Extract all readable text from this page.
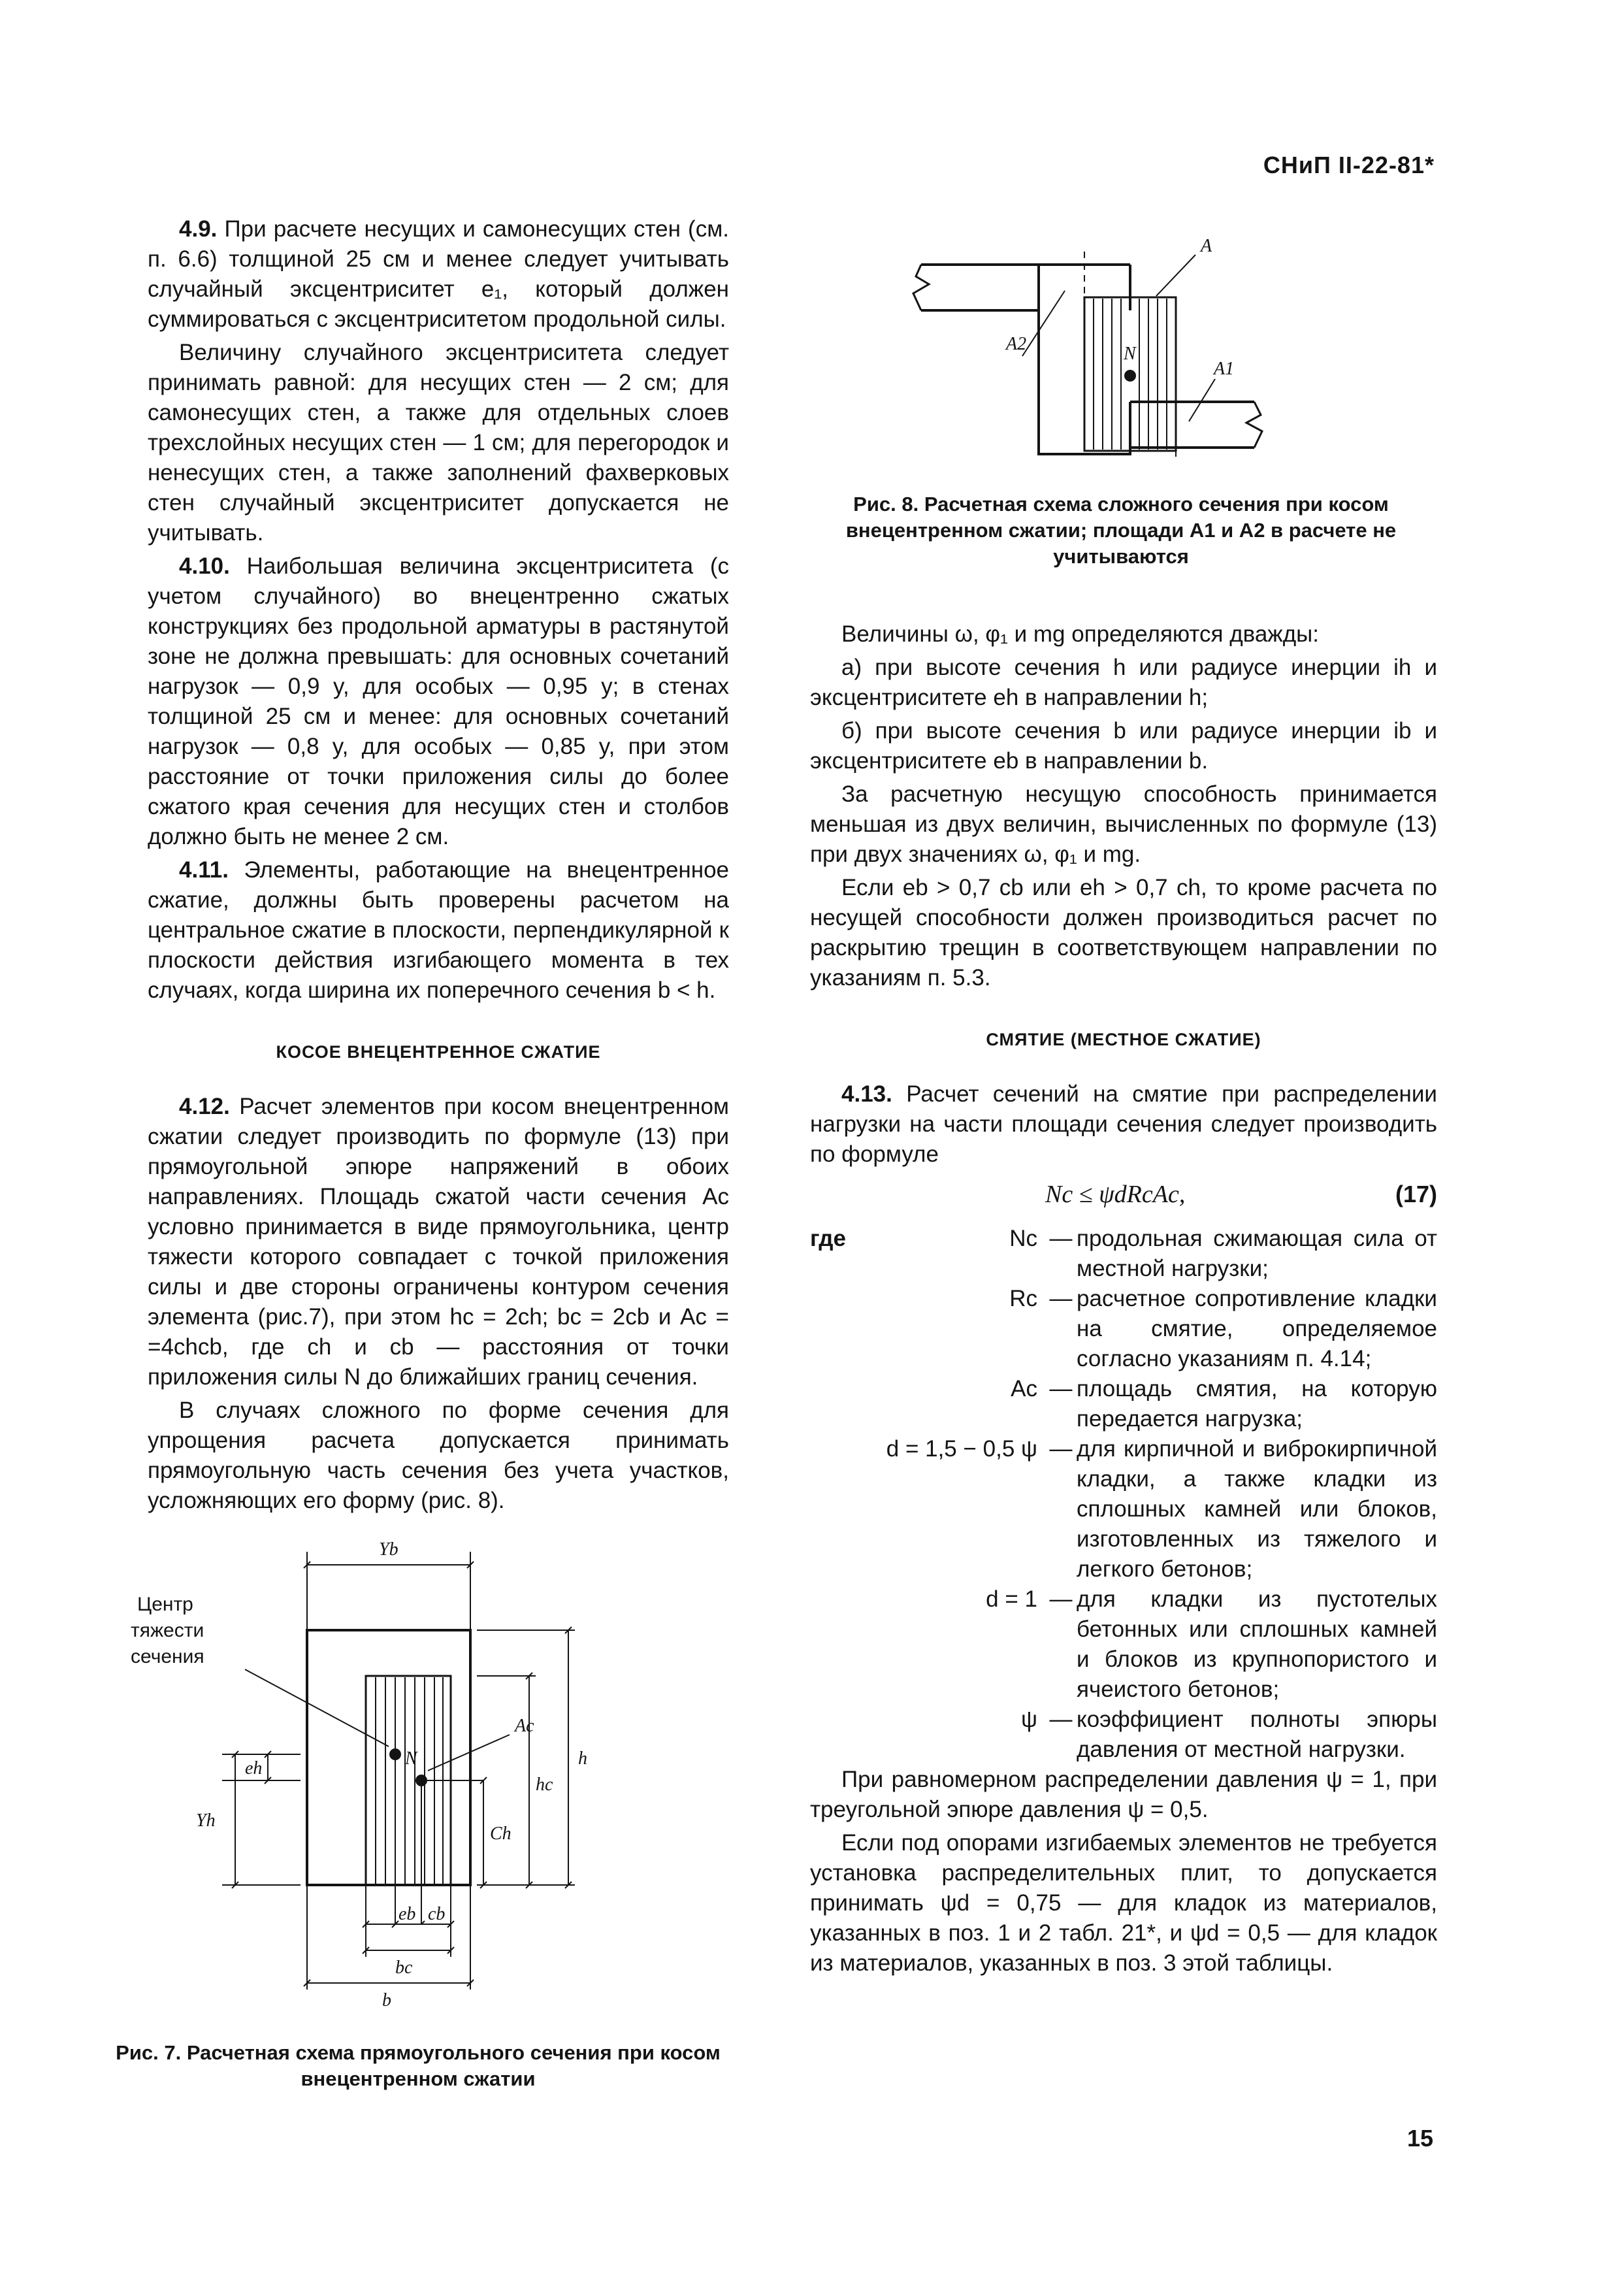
СНиП II-22-81*

4.9. При расчете несущих и самонесущих стен (см. п. 6.6) толщиной 25 см и менее следует учитывать случайный эксцентриситет e₁, который должен суммироваться с эксцентриситетом продольной силы.

Величину случайного эксцентриситета следует принимать равной: для несущих стен — 2 см; для самонесущих стен, а также для отдельных слоев трехслойных несущих стен — 1 см; для перегородок и ненесущих стен, а также заполнений фахверковых стен случайный эксцентриситет допускается не учитывать.

4.10. Наибольшая величина эксцентриситета (с учетом случайного) во внецентренно сжатых конструкциях без продольной арматуры в растянутой зоне не должна превышать: для основных сочетаний нагрузок — 0,9 y, для особых — 0,95 y; в стенах толщиной 25 см и менее: для основных сочетаний нагрузок — 0,8 y, для особых — 0,85 y, при этом расстояние от точки приложения силы до более сжатого края сечения для несущих стен и столбов должно быть не менее 2 см.

4.11. Элементы, работающие на внецентренное сжатие, должны быть проверены расчетом на центральное сжатие в плоскости, перпендикулярной к плоскости действия изгибающего момента в тех случаях, когда ширина их поперечного сечения b < h.

КОСОЕ ВНЕЦЕНТРЕННОЕ СЖАТИЕ

4.12. Расчет элементов при косом внецентренном сжатии следует производить по формуле (13) при прямоугольной эпюре напряжений в обоих направлениях. Площадь сжатой части сечения Ac условно принимается в виде прямоугольника, центр тяжести которого совпадает с точкой приложения силы и две стороны ограничены контуром сечения элемента (рис.7), при этом hc = 2ch; bc = 2cb и Ac = =4chcb, где ch и cb — расстояния от точки приложения силы N до ближайших границ сечения.

В случаях сложного по форме сечения для упрощения расчета допускается принимать прямоугольную часть сечения без учета участков, усложняющих его форму (рис. 8).

Центр
тяжести
сечения
Yb
N
Ac
eh
Yh
Ch
hc
h
eb cb
bc
b
Рис. 7. Расчетная схема прямоугольного сечения при косом внецентренном сжатии
A
A2	N
A1
Рис. 8. Расчетная схема сложного сечения при косом внецентренном сжатии; площади A1 и A2 в расчете не учитываются

Величины ω, φ₁ и mg определяются дважды:

а) при высоте сечения h или радиусе инерции ih и эксцентриситете eh в направлении h;

б) при высоте сечения b или радиусе инерции ib и эксцентриситете eb в направлении b.

За расчетную несущую способность принимается меньшая из двух величин, вычисленных по формуле (13) при двух значениях ω, φ₁ и mg.

Если eb > 0,7 cb или eh > 0,7 ch, то кроме расчета по несущей способности должен производиться расчет по раскрытию трещин в соответствующем направлении по указаниям п. 5.3.

СМЯТИЕ (МЕСТНОЕ СЖАТИЕ)

4.13. Расчет сечений на смятие при распределении нагрузки на части площади сечения следует производить по формуле

Nc ≤ ψdRcAc,	(17)
где	Nc — продольная сжимающая сила от местной нагрузки;
Rc — расчетное сопротивление кладки на смятие, определяемое согласно указаниям п. 4.14;
Ac — площадь смятия, на которую передается нагрузка;
d = 1,5 − 0,5 ψ — для кирпичной и виброкирпичной кладки, а также кладки из сплошных камней или блоков, изготовленных из тяжелого и легкого бетонов;
d = 1 — для кладки из пустотелых бетонных или сплошных камней и блоков из крупнопористого и ячеистого бетонов;
ψ — коэффициент полноты эпюры давления от местной нагрузки.

При равномерном распределении давления ψ = 1, при треугольной эпюре давления ψ = 0,5.

Если под опорами изгибаемых элементов не требуется установка распределительных плит, то допускается принимать ψd = 0,75 — для кладок из материалов, указанных в поз. 1 и 2 табл. 21*, и ψd = 0,5 — для кладок из материалов, указанных в поз. 3 этой таблицы.

15
